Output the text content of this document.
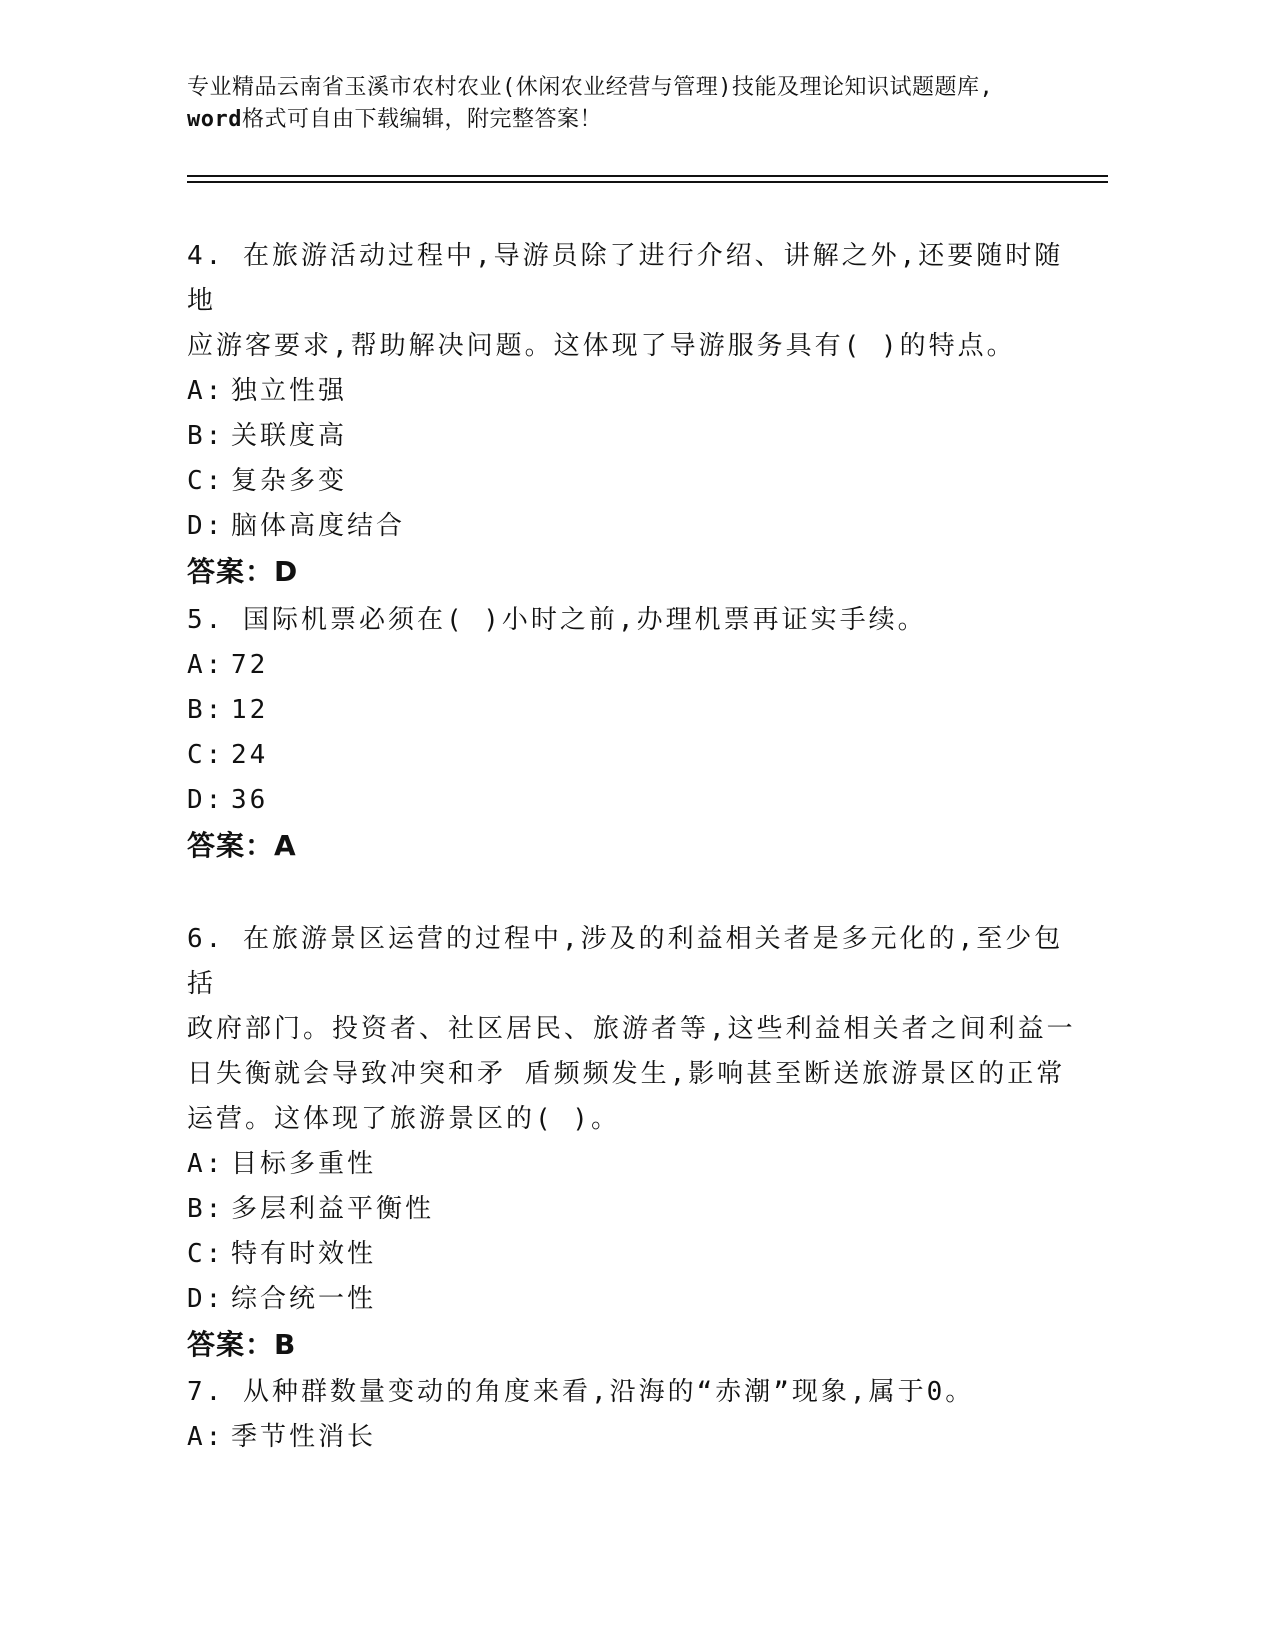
专业精品云南省玉溪市农村农业(休闲农业经营与管理)技能及理论知识试题题库,
word格式可自由下载编辑，附完整答案！

4. 在旅游活动过程中,导游员除了进行介绍、讲解之外,还要随时随地

应游客要求,帮助解决问题。这体现了导游服务具有( )的特点。

A: 独立性强

B: 关联度高

C: 复杂多变

D: 脑体高度结合

答案：D

5. 国际机票必须在( )小时之前,办理机票再证实手续。

A: 72

B: 12

C: 24

D: 36

答案：A

6. 在旅游景区运营的过程中,涉及的利益相关者是多元化的,至少包括

政府部门。投资者、社区居民、旅游者等,这些利益相关者之间利益一

日失衡就会导致冲突和矛 盾频频发生,影响甚至断送旅游景区的正常

运营。这体现了旅游景区的( )。

A: 目标多重性

B: 多层利益平衡性

C: 特有时效性

D: 综合统一性

答案：B

7. 从种群数量变动的角度来看,沿海的“赤潮”现象,属于0。

A: 季节性消长
